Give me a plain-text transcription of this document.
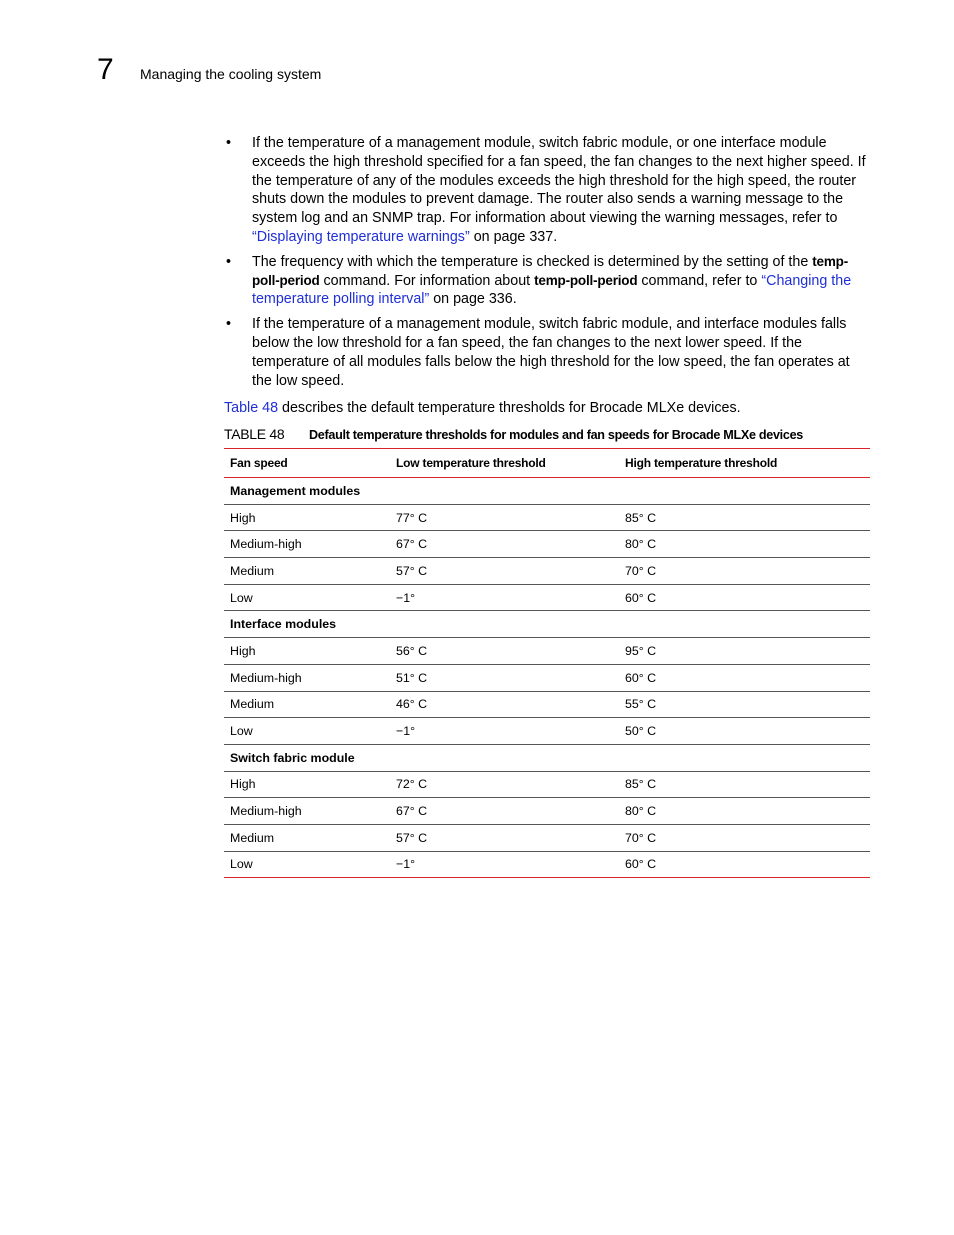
7 Managing the cooling system
• If the temperature of a management module, switch fabric module, or one interface module exceeds the high threshold specified for a fan speed, the fan changes to the next higher speed. If the temperature of any of the modules exceeds the high threshold for the high speed, the router shuts down the modules to prevent damage. The router also sends a warning message to the system log and an SNMP trap. For information about viewing the warning messages, refer to “Displaying temperature warnings” on page 337.
• The frequency with which the temperature is checked is determined by the setting of the temp-poll-period command. For information about temp-poll-period command, refer to “Changing the temperature polling interval” on page 336.
• If the temperature of a management module, switch fabric module, and interface modules falls below the low threshold for a fan speed, the fan changes to the next lower speed. If the temperature of all modules falls below the high threshold for the low speed, the fan operates at the low speed.
Table 48 describes the default temperature thresholds for Brocade MLXe devices.
TABLE 48 Default temperature thresholds for modules and fan speeds for Brocade MLXe devices
Fan speed	Low temperature threshold	High temperature threshold
Management modules		
High	77° C	85° C
Medium-high	67° C	80° C
Medium	57° C	70° C
Low	−1°	60° C
Interface modules		
High	56° C	95° C
Medium-high	51° C	60° C
Medium	46° C	55° C
Low	−1°	50° C
Switch fabric module		
High	72° C	85° C
Medium-high	67° C	80° C
Medium	57° C	70° C
Low	−1°	60° C
